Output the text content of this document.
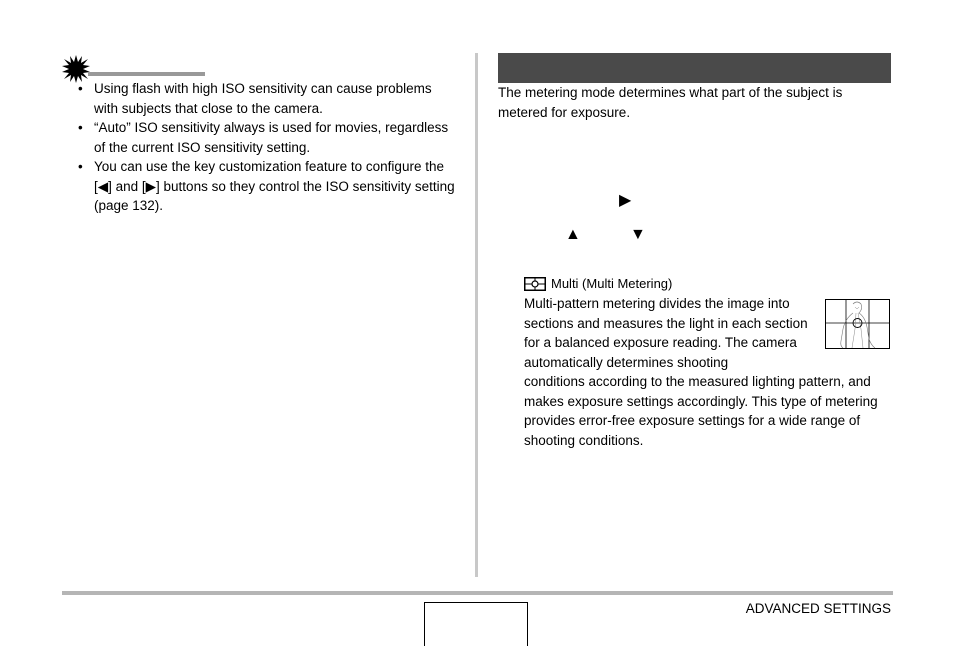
• Using flash with high ISO sensitivity can cause problems with subjects that close to the camera.
• “Auto” ISO sensitivity always is used for movies, regardless of the current ISO sensitivity setting.
• You can use the key customization feature to configure the [◀] and [▶] buttons so they control the ISO sensitivity setting (page 132).
The metering mode determines what part of the subject is metered for exposure.
▶
▲	▼
Multi (Multi Metering)
Multi-pattern metering divides the image into sections and measures the light in each section for a balanced exposure reading. The camera automatically determines shooting
conditions according to the measured lighting pattern, and makes exposure settings accordingly. This type of metering provides error-free exposure settings for a wide range of shooting conditions.
ADVANCED SETTINGS
